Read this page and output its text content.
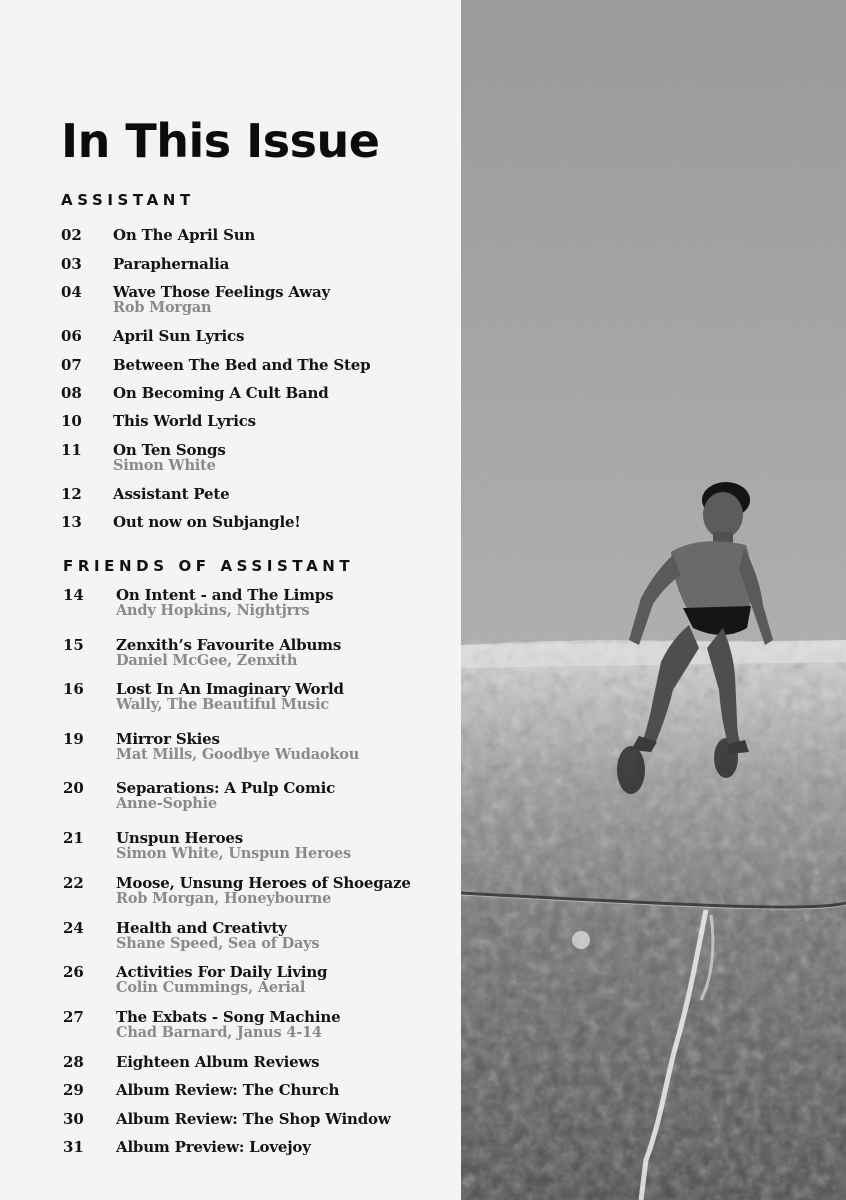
In This Issue
ASSISTANT
02 On The April Sun
03 Paraphernalia
04 Wave Those Feelings Away
Rob Morgan
06 April Sun Lyrics
07 Between The Bed and The Step
08 On Becoming A Cult Band
10 This World Lyrics
11 On Ten Songs
Simon White
12 Assistant Pete
13 Out now on Subjangle!
FRIENDS OF ASSISTANT
14 On Intent - and The Limps
Andy Hopkins, Nightjrrs
15 Zenxith’s Favourite Albums
Daniel McGee, Zenxith
16 Lost In An Imaginary World
Wally, The Beautiful Music
19 Mirror Skies
Mat Mills, Goodbye Wudaokou
20 Separations: A Pulp Comic
Anne-Sophie
21 Unspun Heroes
Simon White, Unspun Heroes
22 Moose, Unsung Heroes of Shoegaze
Rob Morgan, Honeybourne
24 Health and Creativty
Shane Speed, Sea of Days
26 Activities For Daily Living
Colin Cummings, Aerial
27 The Exbats - Song Machine
Chad Barnard, Janus 4-14
28 Eighteen Album Reviews
29 Album Review: The Church
30 Album Review: The Shop Window
31 Album Preview: Lovejoy
